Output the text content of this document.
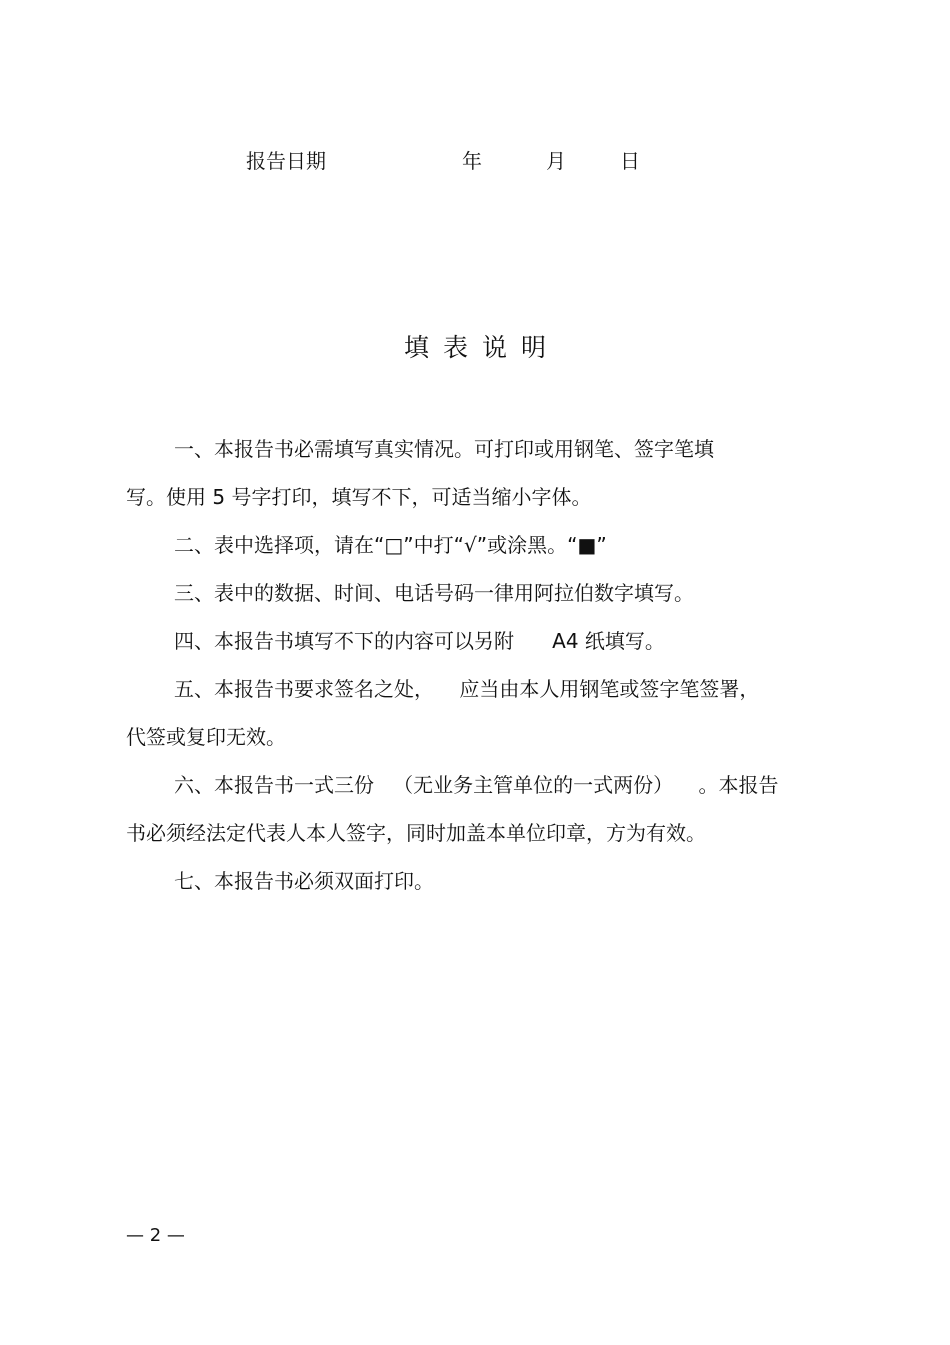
报告日期	年	月	日
填表说明
一、本报告书必需填写真实情况。可打印或用钢笔、签字笔填
写。使用 5 号字打印，填写不下，可适当缩小字体。
二、表中选择项，请在“□”中打“√”或涂黑。“■”
三、表中的数据、时间、电话号码一律用阿拉伯数字填写。
四、本报告书填写不下的内容可以另附      A4 纸填写。
五、本报告书要求签名之处，    应当由本人用钢笔或签字笔签署，
代签或复印无效。
六、本报告书一式三份   （无业务主管单位的一式两份）    。本报告
书必须经法定代表人本人签字，同时加盖本单位印章，方为有效。
七、本报告书必须双面打印。
— 2 —
